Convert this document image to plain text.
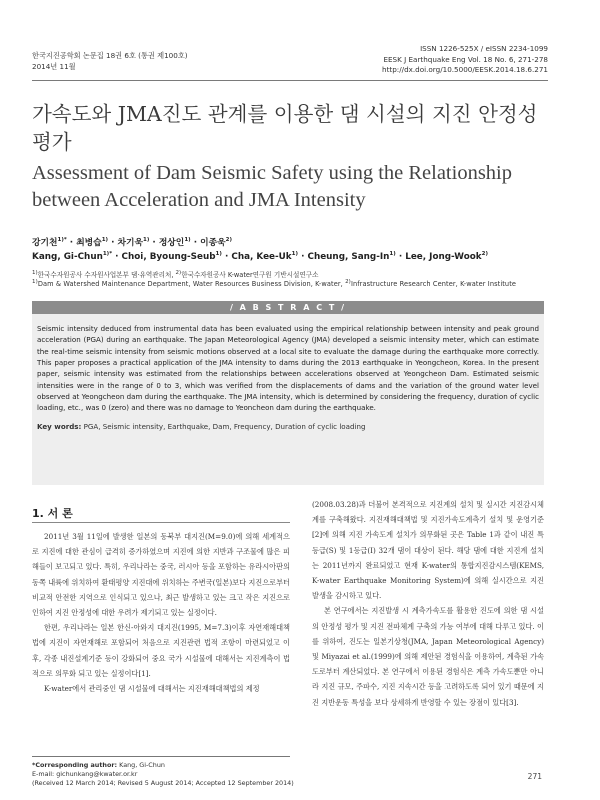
한국지진공학회 논문집 18권 6호 (통권 제100호)
2014년 11월
ISSN 1226-525X / eISSN 2234-1099
EESK J Earthquake Eng Vol. 18 No. 6, 271-278
http://dx.doi.org/10.5000/EESK.2014.18.6.271
가속도와 JMA진도 관계를 이용한 댐 시설의 지진 안정성 평가
Assessment of Dam Seismic Safety using the Relationship between Acceleration and JMA Intensity
강기천$^{1)*}$ · 최병습$^{1)}$ · 차기욱$^{1)}$ · 정상인$^{1)}$ · 이종욱$^{2)}$
Kang, Gi-Chun$^{1)*}$ · Choi, Byoung-Seub$^{1)}$ · Cha, Kee-$Uk^{1)}$ · Cheung, Sang-$In^{1)}$ · Lee, Jong-Wook$^{2)}$
$^{1)}$한국수자원공사 수자원사업본부 댐·유역관리처, $^{2)}$한국수자원공사 K-water연구원 기반시설연구소
$^{1)}$Dam & Watershed Maintenance Department, Water Resources Business Division, K-water, $^{2)}$Infrastructure Research Center, K-water Institute
/ A B S T R A C T /
Seismic intensity deduced from instrumental data has been evaluated using the empirical relationship between intensity and peak ground acceleration (PGA) during an earthquake. The Japan Meteorological Agency (JMA) developed a seismic intensity meter, which can estimate the real-time seismic intensity from seismic motions observed at a local site to evaluate the damage during the earthquake more correctly. This paper proposes a practical application of the JMA intensity to dams during the 2013 earthquake in Yeongcheon, Korea. In the present paper, seismic intensity was estimated from the relationships between accelerations observed at Yeongcheon Dam. Estimated seismic intensities were in the range of 0 to 3, which was verified from the displacements of dams and the variation of the ground water level observed at Yeongcheon dam during the earthquake. The JMA intensity, which is determined by considering the frequency, duration of cyclic loading, etc., was 0 (zero) and there was no damage to Yeoncheon dam during the earthquake.
Key words: PGA, Seismic intensity, Earthquake, Dam, Frequency, Duration of cyclic loading
1. 서 론

2011년 3월 11일에 발생한 일본의 동북부 대지진(M=9.0)에 의해 세계적으로 지진에 대한 관심이 급격히 증가하였으며 지진에 의한 지반과 구조물에 많은 피해들이 보고되고 있다. 특히, 우리나라는 중국, 러시아 등을 포함하는 유라시아판의 동쪽 내륙에 위치하여 환태평양 지진대에 위치하는 주변국(일본)보다 지진으로부터 비교적 안전한 지역으로 인식되고 있으나, 최근 발생하고 있는 크고 작은 지진으로 인하여 지진 안정성에 대한 우려가 제기되고 있는 실정이다.

한편, 우리나라는 일본 한신-아와지 대지진(1995, M=7.3)이후 자연재해대책법에 지진이 자연재해로 포함되어 처음으로 지진관련 법적 조항이 마련되었고 이후, 각종 내진설계기준 등이 강화되어 중요 국가 시설물에 대해서는 지진계측이 법적으로 의무화 되고 있는 실정이다[1].

K-water에서 관리중인 댐 시설물에 대해서는 지진재해대책법의 제정

(2008.03.28)과 더불어 본격적으로 지진계의 설치 및 실시간 지진감시체계를 구축해왔다. 지진재해대책법 및 지진가속도계측기 설치 및 운영기준[2]에 의해 지진 가속도계 설치가 의무화된 곳은 Table 1과 같이 내진 특등급(S) 및 1등급(I) 32개 댐이 대상이 된다. 해당 댐에 대한 지진계 설치는 2011년까지 완료되었고 현재 K-water의 통합지진감시스템(KEMS, K-water Earthquake Monitoring System)에 의해 실시간으로 지진 발생을 감시하고 있다.

본 연구에서는 지진발생 시 계측가속도를 활용한 진도에 의한 댐 시설의 안정성 평가 및 지진 전파체계 구축의 가능 여부에 대해 다루고 있다. 이를 위하여, 진도는 일본기상청(JMA, Japan Meteorological Agency) 및 Miyazai et al.(1999)에 의해 제안된 경험식을 이용하여, 계측된 가속도로부터 계산되었다. 본 연구에서 이용된 경험식은 계측 가속도뿐만 아니라 지진 규모, 주파수, 지진 지속시간 등을 고려하도록 되어 있기 때문에 지진 지반운동 특성을 보다 상세하게 반영할 수 있는 장점이 있다[3].

*Corresponding author: Kang, Gi-Chun
E-mail: gichunkang@kwater.or.kr
(Received 12 March 2014; Revised 5 August 2014; Accepted 12 September 2014)
271
